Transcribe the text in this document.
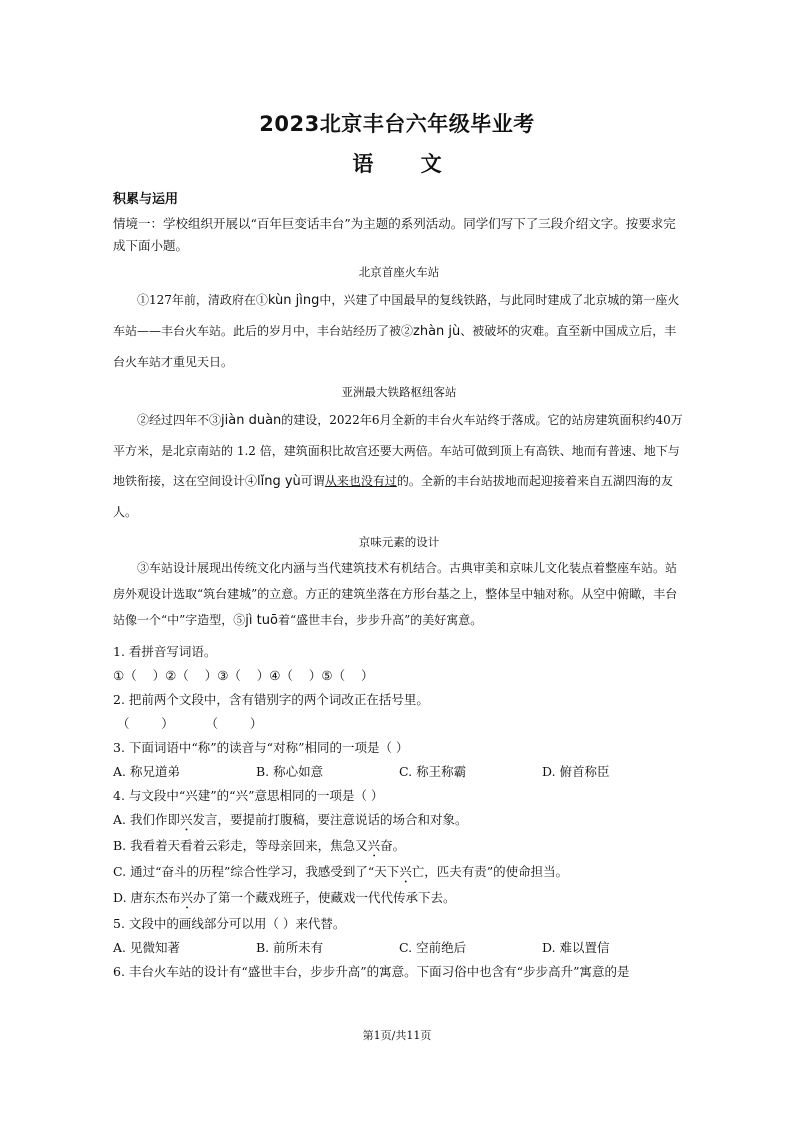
2023北京丰台六年级毕业考
语 文
积累与运用

情境一：学校组织开展以“百年巨变话丰台”为主题的系列活动。同学们写下了三段介绍文字。按要求完成下面小题。

北京首座火车站

①127年前，清政府在①kùn jìng中，兴建了中国最早的复线铁路，与此同时建成了北京城的第一座火车站——丰台火车站。此后的岁月中，丰台站经历了被②zhàn jù、被破坏的灾难。直至新中国成立后，丰台火车站才重见天日。

亚洲最大铁路枢纽客站

②经过四年不③jiàn duàn的建设，2022年6月全新的丰台火车站终于落成。它的站房建筑面积约40万平方米，是北京南站的 1.2 倍，建筑面积比故宫还要大两倍。车站可做到顶上有高铁、地而有普速、地下与地铁衔接，这在空间设计④lǐng yù可谓从来也没有过的。全新的丰台站拔地而起迎接着来自五湖四海的友人。

京味元素的设计

③车站设计展现出传统文化内涵与当代建筑技术有机结合。古典审美和京味儿文化装点着整座车站。站房外观设计选取“筑台建城”的立意。方正的建筑坐落在方形台基之上，整体呈中轴对称。从空中俯瞰，丰台站像一个“中”字造型，⑤jì tuō着“盛世丰台，步步升高”的美好寓意。

1. 看拼音写词语。

①（    ）②（    ）③（    ）④（    ）⑤（    ）

2. 把前两个文段中，含有错别字的两个词改正在括号里。

（        ）        （        ）

3. 下面词语中“称”的读音与“对称”相同的一项是（ ）

A. 称兄道弟	B. 称心如意	C. 称王称霸	D. 俯首称臣

4. 与文段中“兴建”的“兴”意思相同的一项是（ ）

A. 我们作即兴发言，要提前打腹稿，要注意说话的场合和对象。

B. 我看着天看着云彩走，等母亲回来，焦急又兴奋。

C. 通过“奋斗的历程”综合性学习，我感受到了“天下兴亡，匹夫有责”的使命担当。

D. 唐东杰布兴办了第一个藏戏班子，使藏戏一代代传承下去。

5. 文段中的画线部分可以用（ ）来代替。

A. 见微知著	B. 前所未有	C. 空前绝后	D. 难以置信

6. 丰台火车站的设计有“盛世丰台，步步升高”的寓意。下面习俗中也含有“步步高升”寓意的是

第1页/共11页
